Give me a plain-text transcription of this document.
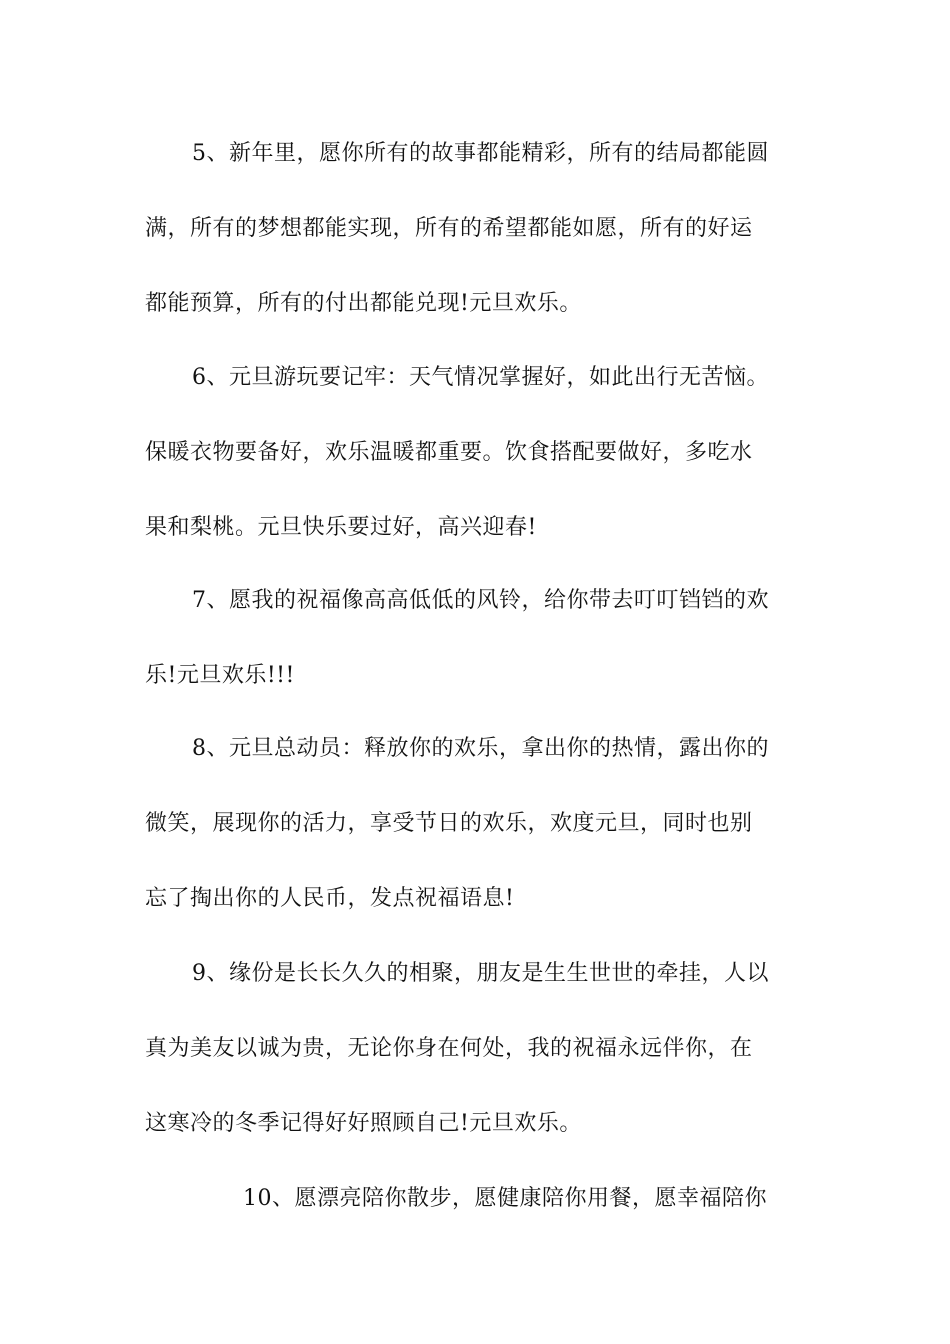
5、新年里，愿你所有的故事都能精彩，所有的结局都能圆
满，所有的梦想都能实现，所有的希望都能如愿，所有的好运
都能预算，所有的付出都能兑现!元旦欢乐。

6、元旦游玩要记牢：天气情况掌握好，如此出行无苦恼。
保暖衣物要备好，欢乐温暖都重要。饮食搭配要做好，多吃水
果和梨桃。元旦快乐要过好，高兴迎春!

7、愿我的祝福像高高低低的风铃，给你带去叮叮铛铛的欢
乐!元旦欢乐!!!

8、元旦总动员：释放你的欢乐，拿出你的热情，露出你的
微笑，展现你的活力，享受节日的欢乐，欢度元旦，同时也别
忘了掏出你的人民币，发点祝福语息!

9、缘份是长长久久的相聚，朋友是生生世世的牵挂，人以
真为美友以诚为贵，无论你身在何处，我的祝福永远伴你，在
这寒冷的冬季记得好好照顾自己!元旦欢乐。

10、愿漂亮陪你散步，愿健康陪你用餐，愿幸福陪你
